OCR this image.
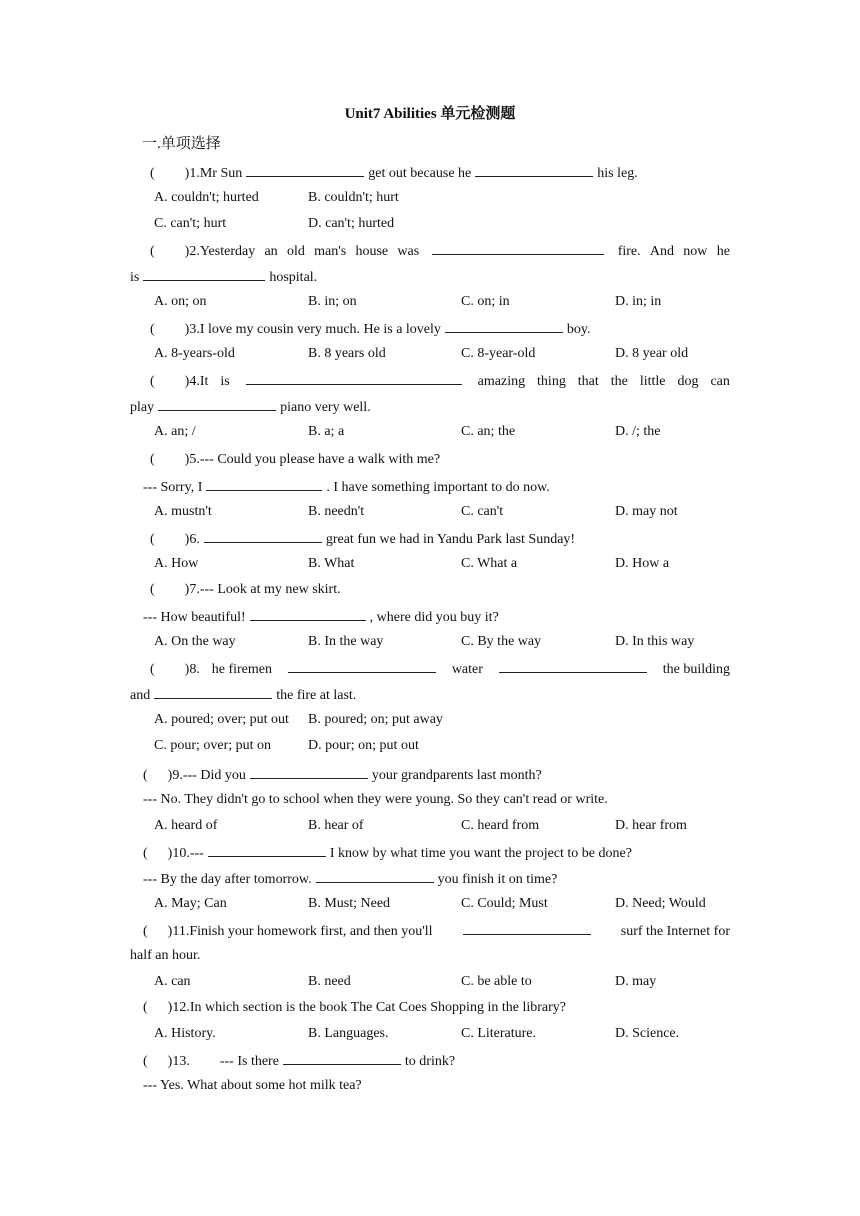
Unit7 Abilities 单元检测题
一.单项选择
( )1.Mr Sun	get out because he	his leg.
A. couldn't; hurted	B. couldn't; hurt
C. can't; hurt	D. can't; hurted
( )2.Yesterday an old man's house was	fire. And now he
is	hospital.
A. on; on	B. in; on	C. on; in	D. in; in
( )3.I love my cousin very much. He is a lovely	boy.
A. 8-years-old	B. 8 years old	C. 8-year-old	D. 8 year old
( )4.It is	amazing thing that the little dog can
play	piano very well.
A. an; /	B. a; a	C. an; the	D. /; the
( )5.--- Could you please have a walk with me?
--- Sorry, I	. I have something important to do now.
A. mustn't	B. needn't	C. can't	D. may not
( )6.	great fun we had in Yandu Park last Sunday!
A. How	B. What	C. What a	D. How a
( )7.--- Look at my new skirt.
--- How beautiful!	, where did you buy it?
A. On the way	B. In the way	C. By the way	D. In this way
( )8. he firemen	water	the building
and	the fire at last.
A. poured; over; put out B. poured; on; put away
C. pour; over; put on	D. pour; on; put out
( )9.--- Did you	your grandparents last month?
--- No. They didn't go to school when they were young. So they can't read or write.
A. heard of	B. hear of	C. heard from	D. hear from
( )10.---	I know by what time you want the project to be done?
--- By the day after tomorrow.	you finish it on time?
A. May; Can	B. Must; Need	C. Could; Must	D. Need; Would
( )11.Finish your homework first, and then you'll	surf the Internet for
half an hour.
A. can	B. need	C. be able to	D. may
( )12.In which section is the book The Cat Coes Shopping in the library?
A. History.	B. Languages.	C. Literature.	D. Science.
( )13. --- Is there	to drink?
--- Yes. What about some hot milk tea?
